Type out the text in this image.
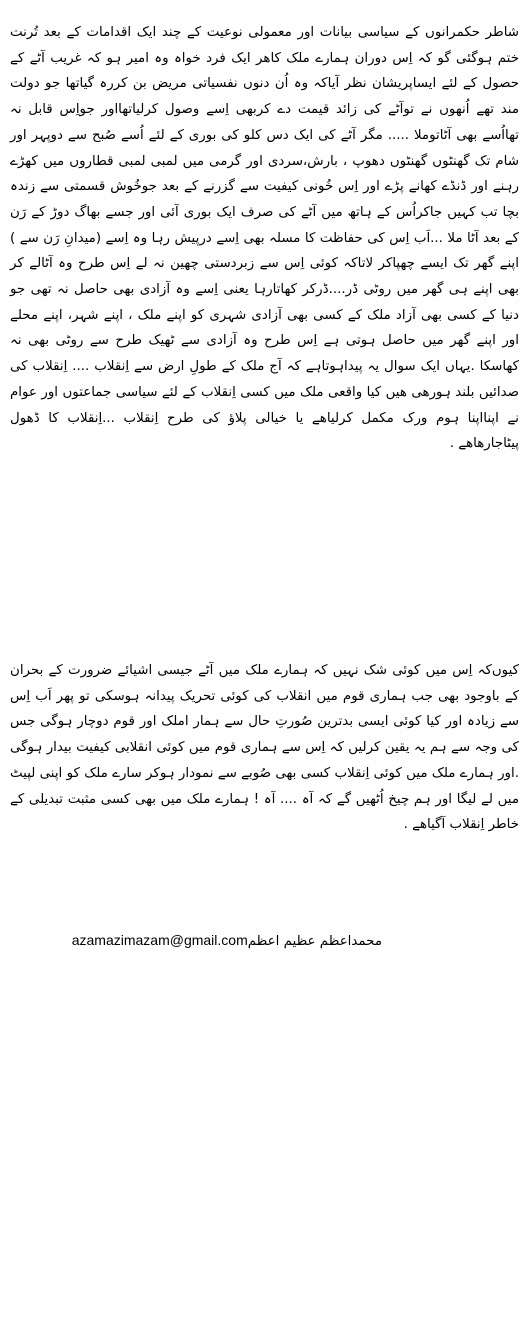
شاطر حکمرانوں کے سیاسی بیانات اور معمولی نوعیت کے چند ایک اقدامات کے بعد تُرنت ختم ہوگئی گو کہ اِس دوران ہمارے ملک کاھر ایک فرد خواہ وہ امیر ہو کہ غریب آٹے کے حصول کے لئے ایساپریشان نظر آیاکہ وہ اُن دنوں نفسیاتی مریض بن کررہ گیاتھا جو دولت مند تھے اُنھوں نے توآٹے کی زائد قیمت دے کربھی اِسے وصول کرلیاتھااور جواِس قابل نہ تھااُسے بھی آٹاتوملا ..... مگر آٹے کی ایک دس کلو کی بوری کے لئے اُسے صُبح سے دوپہر اور شام تک گھنٹوں گھنٹوں دھوپ ، بارش،سردی اور گرمی میں لمبی لمبی قطاروں میں کھڑے رہنے اور ڈنڈے کھانے پڑے اور اِس خُونی کیفیت سے گزرنے کے بعد جوخُوش قسمتی سے زندہ بچا تب کہیں جاکراُس کے ہاتھ میں آٹے کی صرف ایک بوری آئی اور جسے بھاگ دوڑ کے رَن کے بعد آٹا ملا ...اَب اِس کی حفاظت کا مسلہ بھی اِسے درپیش رہا وہ اِسے (میدانِ رَن سے ) اپنے گھر تک ایسے چھپاکر لاتاکہ کوئی اِس سے زبردستی چھین نہ لے اِس طرح وہ آٹالے کر بھی اپنے ہی گھر میں روٹی ڈر....ڈرکر کھاتارہا یعنی اِسے وہ آزادی بھی حاصل نہ تھی جو دنیا کے کسی بھی آزاد ملک کے کسی بھی آزادی شہری کو اپنے ملک ، اپنے شہر، اپنے محلے اور اپنے گھر میں حاصل ہوتی ہے اِس طرح وہ آزادی سے ٹھیک طرح سے روٹی بھی نہ کھاسکا .یہاں ایک سوال یہ پیداہوتاہے کہ آج ملک کے طولِ ارض سے اِنقلاب .... اِنقلاب کی صدائیں بلند ہورھی ھیں کیا واقعی ملک میں کسی اِنقلاب کے لئے سیاسی جماعتوں اور عوام نے اپنااپنا ہوم ورک مکمل کرلیاھے یا خیالی پلاؤ کی طرح اِنقلاب ...اِنقلاب کا ڈھول پیٹاجارھاھے .

کیوں‌کہ اِس میں کوئی شک نہیں کہ ہمارے ملک میں آٹے جیسی اشیائے ضرورت کے بحران کے باوجود بھی جب ہماری قوم میں انقلاب کی کوئی تحریک پیدانہ ہوسکی تو پھر اَب اِس سے زیادہ اور کیا کوئی ایسی بدترین صُورتِ حال سے ہمار املک اور قوم دوچار ہوگی جس کی وجہ سے ہم یہ یقین کرلیں کہ اِس سے ہماری قوم میں کوئی انقلابی کیفیت بیدار ہوگی .اور ہمارے ملک میں کوئی اِنقلاب کسی بھی صُوبے سے نمودار ہوکر سارے ملک کو اپنی لپیٹ میں لے لیگا اور ہم چیخ اُٹھیں گے کہ آہ .... آہ ! ہمارے ملک میں بھی کسی مثبت تبدیلی کے خاطر اِنقلاب آگیاھے .

محمداعظم عظیم اعظمazamazimazam@gmail.com
